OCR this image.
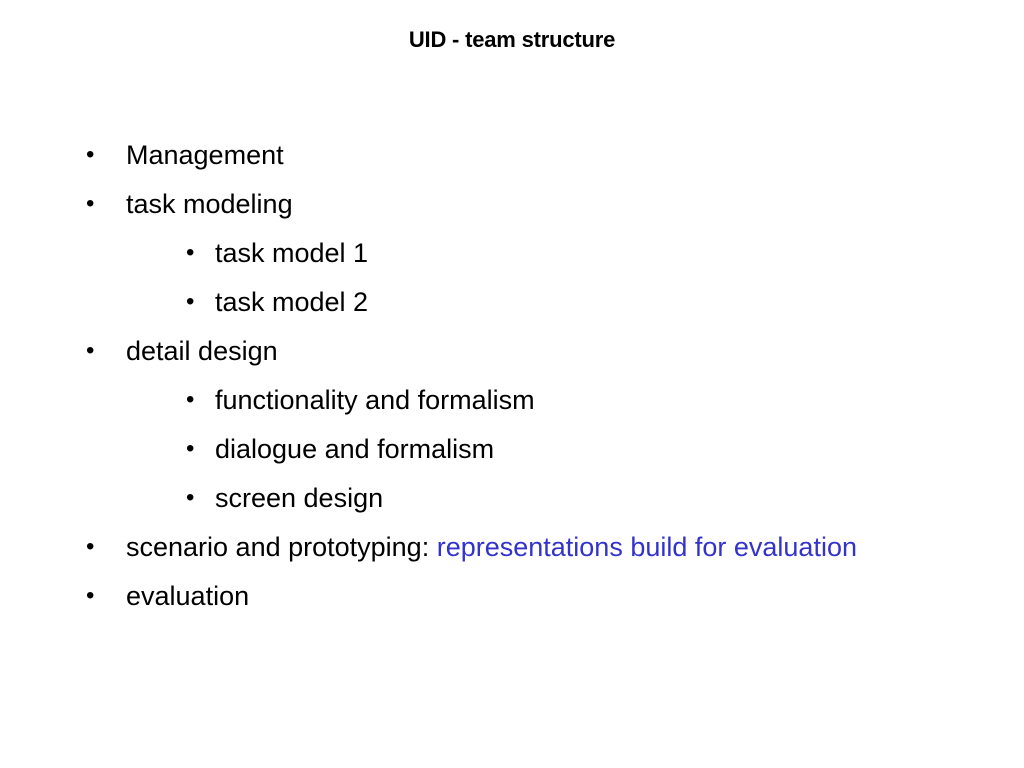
UID - team structure
• Management
• task modeling
• task model 1
• task model 2
• detail design
• functionality and formalism
• dialogue and formalism
• screen design
• scenario and prototyping: representations build for evaluation
• evaluation
